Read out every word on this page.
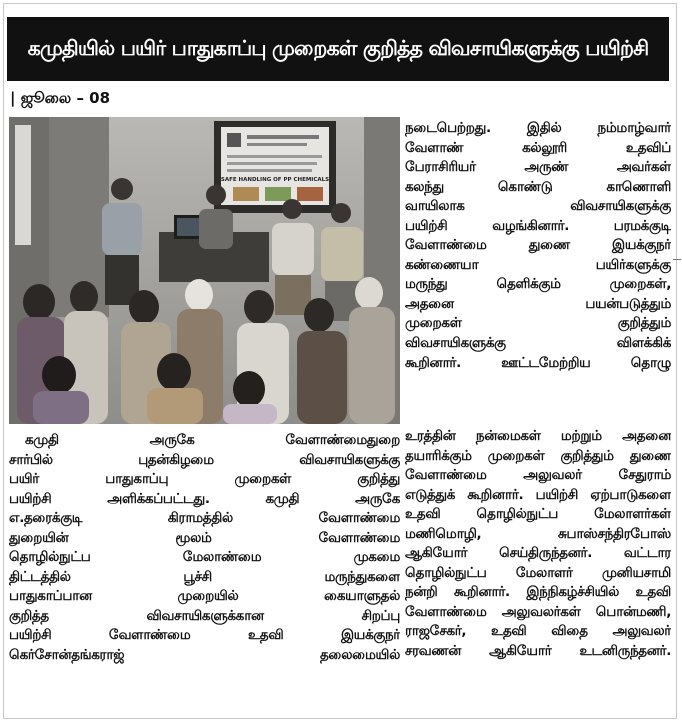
கமுதியில் பயிர் பாதுகாப்பு முறைகள் குறித்த விவசாயிகளுக்கு பயிற்சி
| ஜூலை – 08
SAFE HANDLING OF PP CHEMICALS

நடைபெற்றது. இதில் நம்மாழ்வார்

வேளாண் கல்லூரி உதவிப்

பேராசிரியர் அருண் அவர்கள்

கலந்து கொண்டு காணொளி

வாயிலாக விவசாயிகளுக்கு

பயிற்சி வழங்கினார். பரமக்குடி

வேளாண்மை துணை இயக்குநர்

கண்ணையா பயிர்களுக்கு

மருந்து தெளிக்கும் முறைகள்,

அதனை பயன்படுத்தும்

முறைகள் குறித்தும்

விவசாயிகளுக்கு விளக்கிக்

கூறினார். ஊட்டமேற்றிய தொழு

கமுதி அருகே வேளாண்மைதுறை

சார்பில் புதன்கிழமை விவசாயிகளுக்கு

பயிர் பாதுகாப்பு முறைகள் குறித்து

பயிற்சி அளிக்கப்பட்டது. கமுதி அருகே

எ.தரைக்குடி கிராமத்தில் வேளாண்மை

துறையின் மூலம் வேளாண்மை

தொழில்நுட்ப மேலாண்மை முகமை

திட்டத்தில் பூச்சி மருந்துகளை

பாதுகாப்பான முறையில் கையாளுதல்

குறித்த விவசாயிகளுக்கான சிறப்பு

பயிற்சி வேளாண்மை உதவி இயக்குநர்

கெர்சோன்தங்கராஜ் தலைமையில்

உரத்தின் நன்மைகள் மற்றும் அதனை

தயாரிக்கும் முறைகள் குறித்தும் துணை

வேளாண்மை அலுவலர் சேதுராம்

எடுத்துக் கூறினார். பயிற்சி ஏற்பாடுகளை

உதவி தொழில்நுட்ப மேலாளர்கள்

மணிமொழி, சுபாஸ்சந்திரபோஸ்

ஆகியோர் செய்திருந்தனர். வட்டார

தொழில்நுட்ப மேலாளர் முனியசாமி

நன்றி கூறினார். இந்நிகழ்ச்சியில் உதவி

வேளாண்மை அலுவலர்கள் பொன்மணி,

ராஜசேகர், உதவி விதை அலுவலர்

சரவணன் ஆகியோர் உடனிருந்தனர்.
